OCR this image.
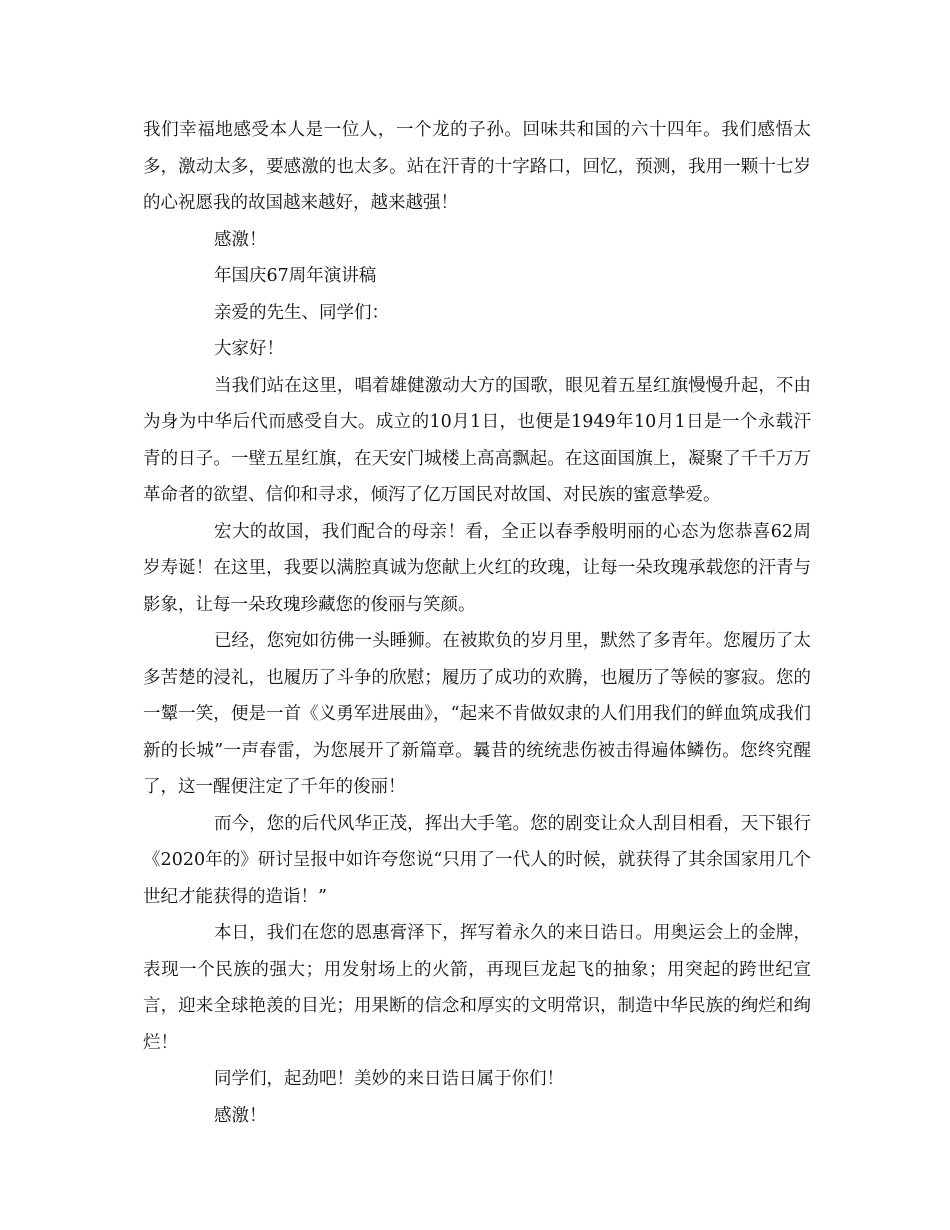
我们幸福地感受本人是一位人，一个龙的子孙。回味共和国的六十四年。我们感悟太多，激动太多，要感激的也太多。站在汗青的十字路口，回忆，预测，我用一颗十七岁的心祝愿我的故国越来越好，越来越强！

感激！

年国庆67周年演讲稿

亲爱的先生、同学们：

大家好！

当我们站在这里，唱着雄健激动大方的国歌，眼见着五星红旗慢慢升起，不由为身为中华后代而感受自大。成立的10月1日，也便是1949年10月1日是一个永载汗青的日子。一壁五星红旗，在天安门城楼上高高飘起。在这面国旗上，凝聚了千千万万革命者的欲望、信仰和寻求，倾泻了亿万国民对故国、对民族的蜜意挚爱。

宏大的故国，我们配合的母亲！看，全正以春季般明丽的心态为您恭喜62周岁寿诞！在这里，我要以满腔真诚为您献上火红的玫瑰，让每一朵玫瑰承载您的汗青与影象，让每一朵玫瑰珍藏您的俊丽与笑颜。

已经，您宛如彷佛一头睡狮。在被欺负的岁月里，默然了多青年。您履历了太多苦楚的浸礼，也履历了斗争的欣慰；履历了成功的欢腾，也履历了等候的寥寂。您的一颦一笑，便是一首《义勇军进展曲》，“起来不肯做奴隶的人们用我们的鲜血筑成我们新的长城”一声春雷，为您展开了新篇章。曩昔的统统悲伤被击得遍体鳞伤。您终究醒了，这一醒便注定了千年的俊丽！

而今，您的后代风华正茂，挥出大手笔。您的剧变让众人刮目相看，天下银行《2020年的》研讨呈报中如许夸您说“只用了一代人的时候，就获得了其余国家用几个世纪才能获得的造诣！”

本日，我们在您的恩惠膏泽下，挥写着永久的来日诰日。用奥运会上的金牌，表现一个民族的强大；用发射场上的火箭，再现巨龙起飞的抽象；用突起的跨世纪宣言，迎来全球艳羡的目光；用果断的信念和厚实的文明常识，制造中华民族的绚烂和绚烂！

同学们，起劲吧！美妙的来日诰日属于你们！

感激！
